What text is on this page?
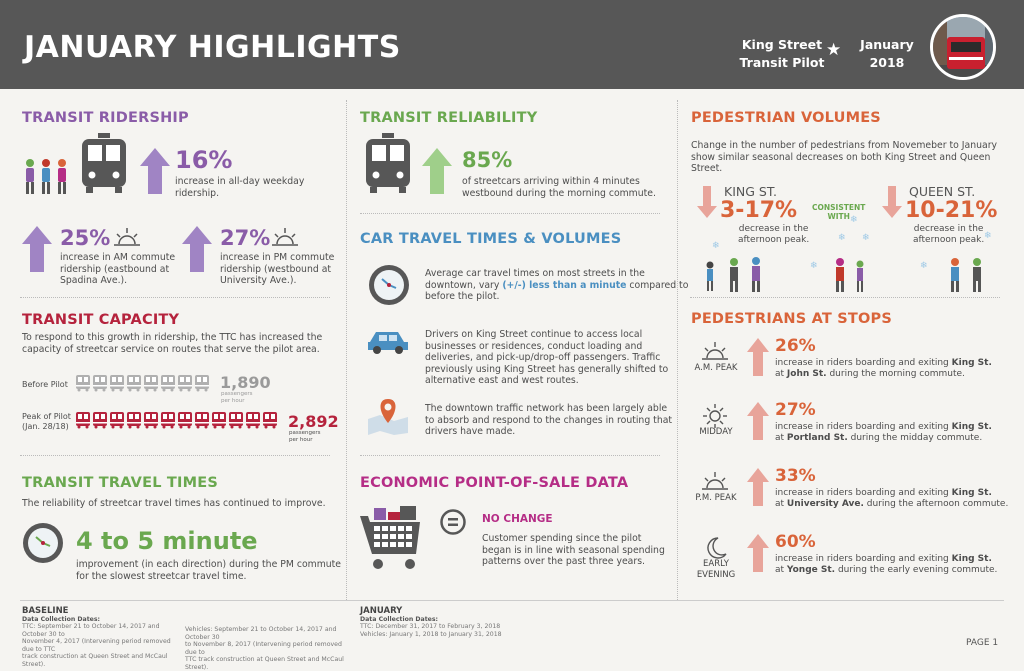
JANUARY HIGHLIGHTS	King Street
Transit Pilot
★	January
2018
TRANSIT RIDERSHIP
16%
increase in all-day weekday
ridership.
25%
increase in AM commute
ridership (eastbound at
Spadina Ave.).
27%
increase in PM commute
ridership (westbound at
University Ave.).
TRANSIT CAPACITY
To respond to this growth in ridership, the TTC has increased the
capacity of streetcar service on routes that serve the pilot area.
Before Pilot	1,890
passengers
per hour
Peak of Pilot
(Jan. 28/18)	2,892
passengers
per hour
TRANSIT TRAVEL TIMES
The reliability of streetcar travel times has continued to improve.
4 to 5 minute
improvement (in each direction) during the PM commute
for the slowest streetcar travel time.
TRANSIT RELIABILITY
85%
of streetcars arriving within 4 minutes
westbound during the morning commute.
CAR TRAVEL TIMES & VOLUMES
Average car travel times on most streets in the
downtown, vary (+/-) less than a minute compared to
before the pilot.
Drivers on King Street continue to access local
businesses or residences, conduct loading and
deliveries, and pick-up/drop-off passengers. Traffic
previously using King Street has generally shifted to
alternative east and west routes.
The downtown traffic network has been largely able
to absorb and respond to the changes in routing that
drivers have made.
ECONOMIC POINT-OF-SALE DATA
NO CHANGE
Customer spending since the pilot
began is in line with seasonal spending
patterns over the past three years.
PEDESTRIAN VOLUMES
Change in the number of pedestrians from Novemeber to January
show similar seasonal decreases on both King Street and Queen
Street.
KING ST.
3-17%
decrease in the
afternoon peak.
CONSISTENT
WITH
QUEEN ST.
10-21%
decrease in the
afternoon peak.
❄
❄
❄ ❄
❄
❄
❄
PEDESTRIANS AT STOPS
A.M. PEAK
26%
increase in riders boarding and exiting King St.
at John St. during the morning commute.
MIDDAY
27%
increase in riders boarding and exiting King St.
at Portland St. during the midday commute.
P.M. PEAK
33%
increase in riders boarding and exiting King St.
at University Ave. during the afternoon commute.
EARLY
EVENING
60%
increase in riders boarding and exiting King St.
at Yonge St. during the early evening commute.
BASELINE
Data Collection Dates:
TTC: September 21 to October 14, 2017 and October 30 to
November 4, 2017 (Intervening period removed due to TTC
track construction at Queen Street and McCaul Street).
Vehicles: September 21 to October 14, 2017 and October 30
to November 8, 2017 (Intervening period removed due to
TTC track construction at Queen Street and McCaul Street).
JANUARY
Data Collection Dates:
TTC: December 31, 2017 to February 3, 2018
Vehicles: January 1, 2018 to January 31, 2018
PAGE 1
